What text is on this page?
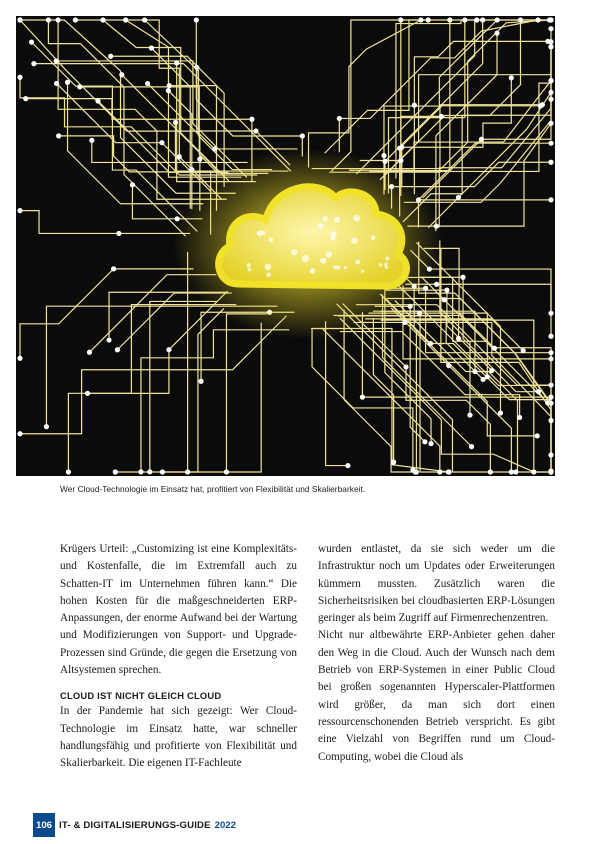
Wer Cloud-Technologie im Einsatz hat, profitiert von Flexibilität und Skalierbarkeit.

Krügers Urteil: „Customizing ist eine Komplexitäts- und Kostenfalle, die im Extremfall auch zu Schatten-IT im Unternehmen führen kann.“ Die hohen Kosten für die maßgeschneiderten ERP-Anpassungen, der enorme Aufwand bei der Wartung und Modifizierungen von Support- und Upgrade-Prozessen sind Gründe, die gegen die Ersetzung von Altsystemen sprechen.

CLOUD IST NICHT GLEICH CLOUD

In der Pandemie hat sich gezeigt: Wer Cloud-Technologie im Einsatz hatte, war schneller handlungsfähig und profitierte von Flexibilität und Skalierbarkeit. Die eigenen IT-Fachleute

wurden entlastet, da sie sich weder um die Infrastruktur noch um Updates oder Erweiterungen kümmern mussten. Zusätzlich waren die Sicherheitsrisiken bei cloudbasierten ERP-Lösungen geringer als beim Zugriff auf Firmenrechenzentren.

Nicht nur altbewährte ERP-Anbieter gehen daher den Weg in die Cloud. Auch der Wunsch nach dem Betrieb von ERP-Systemen in einer Public Cloud bei großen sogenannten Hyperscaler-Plattformen wird größer, da man sich dort einen ressourcenschonenden Betrieb verspricht. Es gibt eine Vielzahl von Begriffen rund um Cloud-Computing, wobei die Cloud als

106 IT- & DIGITALISIERUNGS-GUIDE 2022
